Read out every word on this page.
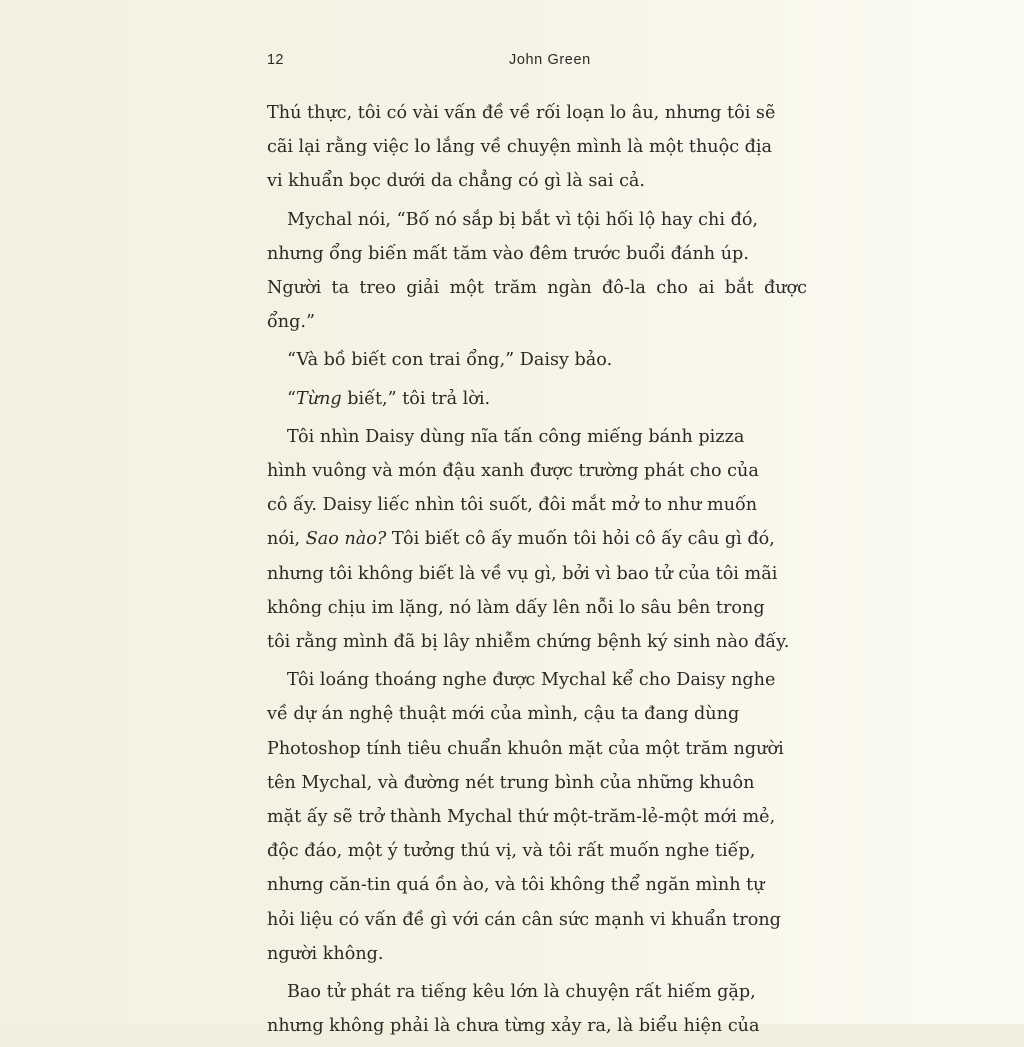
12	John Green

Thú thực, tôi có vài vấn đề về rối loạn lo âu, nhưng tôi sẽ
cãi lại rằng việc lo lắng về chuyện mình là một thuộc địa
vi khuẩn bọc dưới da chẳng có gì là sai cả.

Mychal nói, “Bố nó sắp bị bắt vì tội hối lộ hay chi đó,
nhưng ổng biến mất tăm vào đêm trước buổi đánh úp.
Người ta treo giải một trăm ngàn đô-la cho ai bắt được ổng.”

“Và bồ biết con trai ổng,” Daisy bảo.

“Từng biết,” tôi trả lời.

Tôi nhìn Daisy dùng nĩa tấn công miếng bánh pizza
hình vuông và món đậu xanh được trường phát cho của
cô ấy. Daisy liếc nhìn tôi suốt, đôi mắt mở to như muốn
nói, Sao nào? Tôi biết cô ấy muốn tôi hỏi cô ấy câu gì đó,
nhưng tôi không biết là về vụ gì, bởi vì bao tử của tôi mãi
không chịu im lặng, nó làm dấy lên nỗi lo sâu bên trong
tôi rằng mình đã bị lây nhiễm chứng bệnh ký sinh nào đấy.

Tôi loáng thoáng nghe được Mychal kể cho Daisy nghe
về dự án nghệ thuật mới của mình, cậu ta đang dùng
Photoshop tính tiêu chuẩn khuôn mặt của một trăm người
tên Mychal, và đường nét trung bình của những khuôn
mặt ấy sẽ trở thành Mychal thứ một-trăm-lẻ-một mới mẻ,
độc đáo, một ý tưởng thú vị, và tôi rất muốn nghe tiếp,
nhưng căn-tin quá ồn ào, và tôi không thể ngăn mình tự
hỏi liệu có vấn đề gì với cán cân sức mạnh vi khuẩn trong
người không.

Bao tử phát ra tiếng kêu lớn là chuyện rất hiếm gặp,
nhưng không phải là chưa từng xảy ra, là biểu hiện của
